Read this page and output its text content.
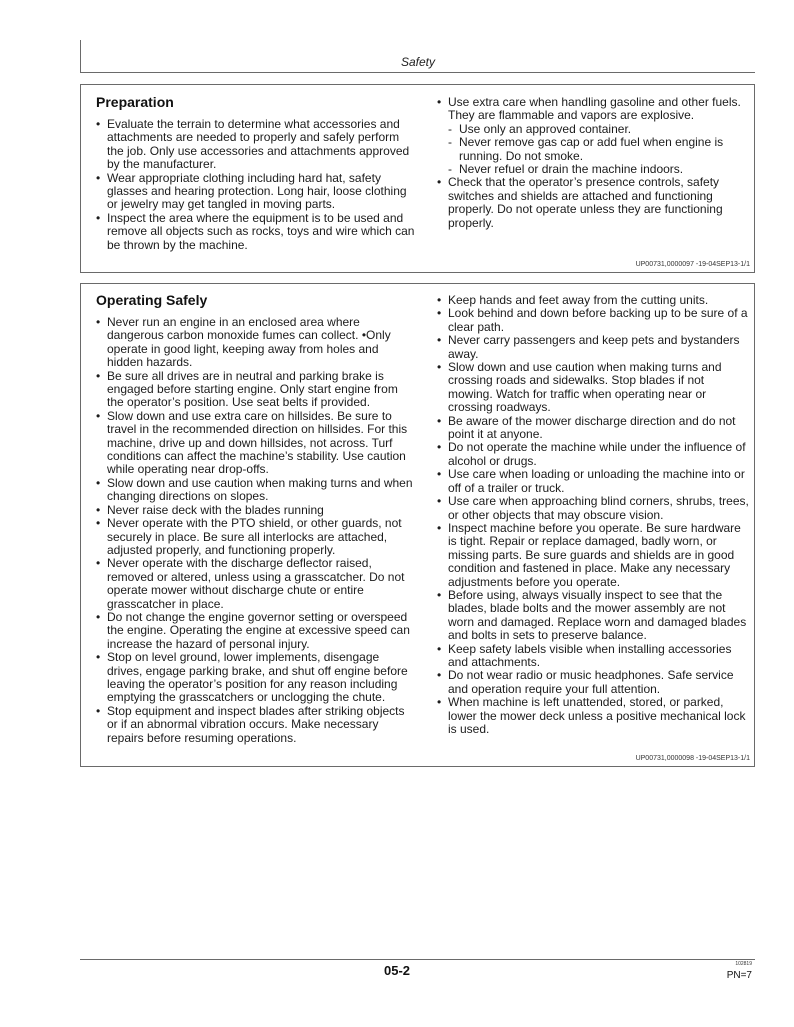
Safety
Preparation
• Evaluate the terrain to determine what accessories and attachments are needed to properly and safely perform the job. Only use accessories and attachments approved by the manufacturer.
• Wear appropriate clothing including hard hat, safety glasses and hearing protection. Long hair, loose clothing or jewelry may get tangled in moving parts.
• Inspect the area where the equipment is to be used and remove all objects such as rocks, toys and wire which can be thrown by the machine.
• Use extra care when handling gasoline and other fuels. They are flammable and vapors are explosive.
- Use only an approved container.
- Never remove gas cap or add fuel when engine is
running. Do not smoke.
- Never refuel or drain the machine indoors.
• Check that the operator’s presence controls, safety switches and shields are attached and functioning properly. Do not operate unless they are functioning properly.
UP00731,0000097 -19-04SEP13-1/1
Operating Safely
• Never run an engine in an enclosed area where dangerous carbon monoxide fumes can collect. •Only operate in good light, keeping away from holes and hidden hazards.
• Be sure all drives are in neutral and parking brake is engaged before starting engine. Only start engine from the operator’s position. Use seat belts if provided.
• Slow down and use extra care on hillsides. Be sure to travel in the recommended direction on hillsides. For this machine, drive up and down hillsides, not across. Turf conditions can affect the machine’s stability. Use caution while operating near drop-offs.
• Slow down and use caution when making turns and when changing directions on slopes.
• Never raise deck with the blades running
• Never operate with the PTO shield, or other guards, not securely in place. Be sure all interlocks are attached, adjusted properly, and functioning properly.
• Never operate with the discharge deflector raised, removed or altered, unless using a grasscatcher. Do not operate mower without discharge chute or entire grasscatcher in place.
• Do not change the engine governor setting or overspeed the engine. Operating the engine at excessive speed can increase the hazard of personal injury.
• Stop on level ground, lower implements, disengage drives, engage parking brake, and shut off engine before leaving the operator’s position for any reason including emptying the grasscatchers or unclogging the chute.
• Stop equipment and inspect blades after striking objects or if an abnormal vibration occurs. Make necessary repairs before resuming operations.
• Keep hands and feet away from the cutting units.
• Look behind and down before backing up to be sure of a clear path.
• Never carry passengers and keep pets and bystanders away.
• Slow down and use caution when making turns and crossing roads and sidewalks. Stop blades if not mowing. Watch for traffic when operating near or crossing roadways.
• Be aware of the mower discharge direction and do not point it at anyone.
• Do not operate the machine while under the influence of alcohol or drugs.
• Use care when loading or unloading the machine into or off of a trailer or truck.
• Use care when approaching blind corners, shrubs, trees, or other objects that may obscure vision.
• Inspect machine before you operate. Be sure hardware is tight. Repair or replace damaged, badly worn, or missing parts. Be sure guards and shields are in good condition and fastened in place. Make any necessary adjustments before you operate.
• Before using, always visually inspect to see that the blades, blade bolts and the mower assembly are not worn and damaged. Replace worn and damaged blades and bolts in sets to preserve balance.
• Keep safety labels visible when installing accessories and attachments.
• Do not wear radio or music headphones. Safe service and operation require your full attention.
• When machine is left unattended, stored, or parked, lower the mower deck unless a positive mechanical lock is used.
UP00731,0000098 -19-04SEP13-1/1
05-2	102819
PN=7
